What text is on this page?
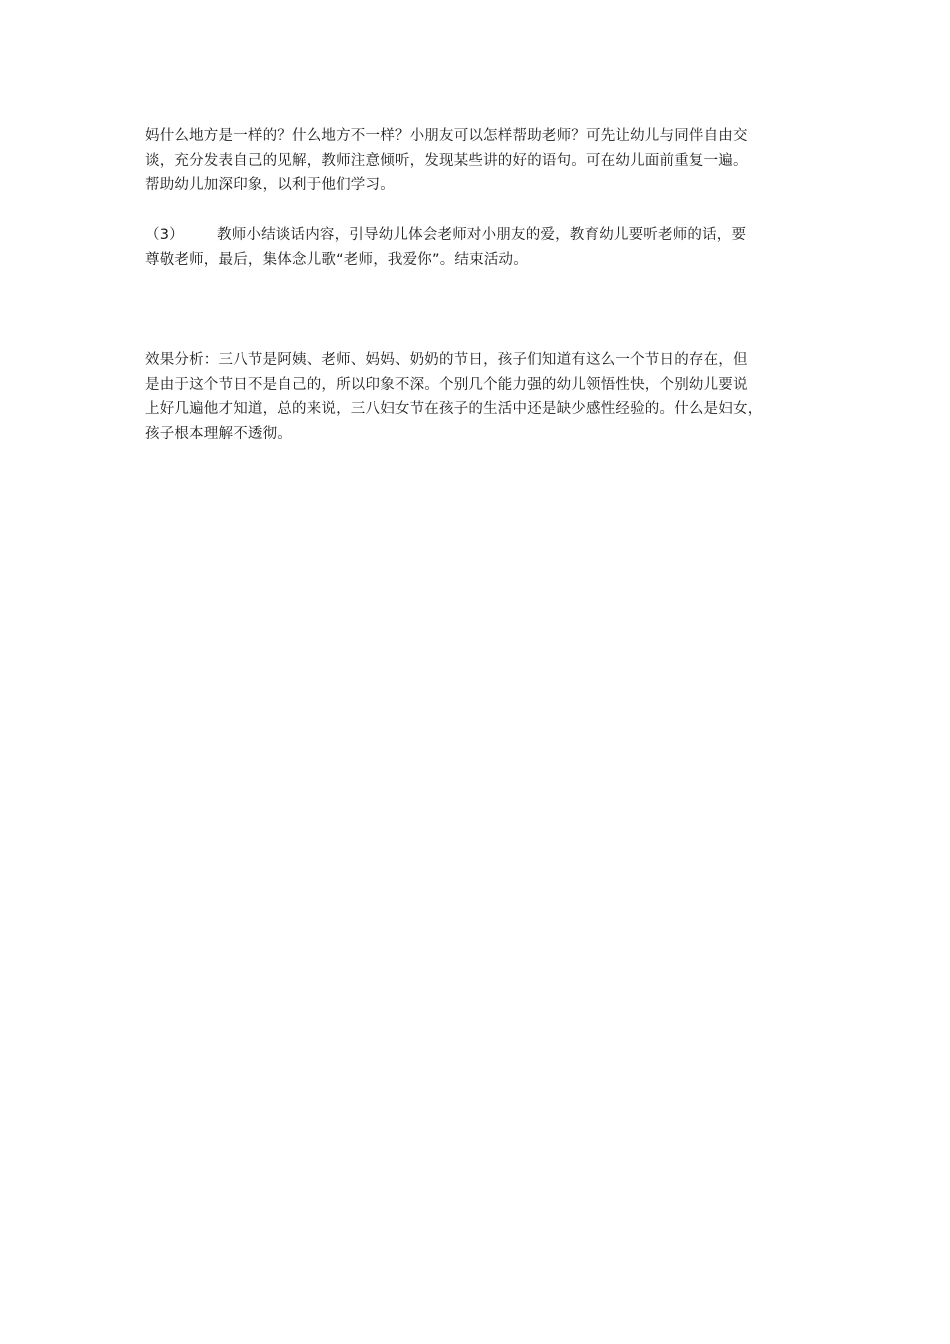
妈什么地方是一样的？什么地方不一样？小朋友可以怎样帮助老师？可先让幼儿与同伴自由交
谈，充分发表自己的见解，教师注意倾听，发现某些讲的好的语句。可在幼儿面前重复一遍。
帮助幼儿加深印象，以利于他们学习。

（3） 教师小结谈话内容，引导幼儿体会老师对小朋友的爱，教育幼儿要听老师的话，要
尊敬老师，最后，集体念儿歌“老师，我爱你”。结束活动。

效果分析：三八节是阿姨、老师、妈妈、奶奶的节日，孩子们知道有这么一个节日的存在，但
是由于这个节日不是自己的，所以印象不深。个别几个能力强的幼儿领悟性快，个别幼儿要说
上好几遍他才知道，总的来说，三八妇女节在孩子的生活中还是缺少感性经验的。什么是妇女，
孩子根本理解不透彻。
